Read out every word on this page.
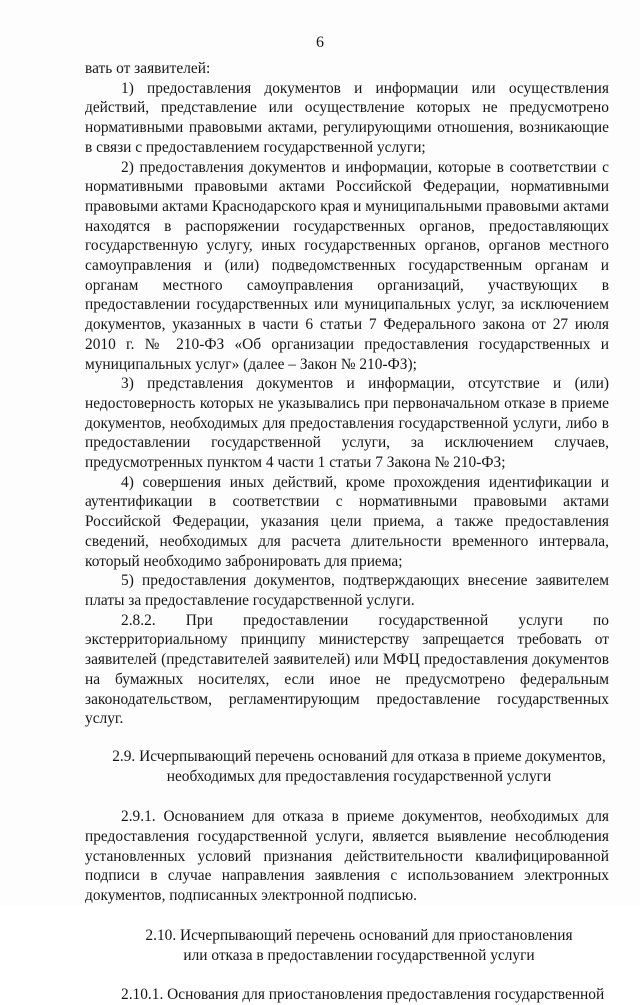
6

вать от заявителей:

1) предоставления документов и информации или осуществления действий, представление или осуществление которых не предусмотрено нормативными правовыми актами, регулирующими отношения, возникающие в связи с предоставлением государственной услуги;

2) предоставления документов и информации, которые в соответствии с нормативными правовыми актами Российской Федерации, нормативными правовыми актами Краснодарского края и муниципальными правовыми актами находятся в распоряжении государственных органов, предоставляющих государственную услугу, иных государственных органов, органов местного самоуправления и (или) подведомственных государственным органам и органам местного самоуправления организаций, участвующих в предоставлении государственных или муниципальных услуг, за исключением документов, указанных в части 6 статьи 7 Федерального закона от 27 июля 2010 г. № 210-ФЗ «Об организации предоставления государственных и муниципальных услуг» (далее – Закон № 210-ФЗ);

3) представления документов и информации, отсутствие и (или) недостоверность которых не указывались при первоначальном отказе в приеме документов, необходимых для предоставления государственной услуги, либо в предоставлении государственной услуги, за исключением случаев, предусмотренных пунктом 4 части 1 статьи 7 Закона № 210-ФЗ;

4) совершения иных действий, кроме прохождения идентификации и аутентификации в соответствии с нормативными правовыми актами Российской Федерации, указания цели приема, а также предоставления сведений, необходимых для расчета длительности временного интервала, который необходимо забронировать для приема;

5) предоставления документов, подтверждающих внесение заявителем платы за предоставление государственной услуги.

2.8.2. При предоставлении государственной услуги по экстерриториальному принципу министерству запрещается требовать от заявителей (представителей заявителей) или МФЦ предоставления документов на бумажных носителях, если иное не предусмотрено федеральным законодательством, регламентирующим предоставление государственных услуг.

2.9. Исчерпывающий перечень оснований для отказа в приеме документов,

необходимых для предоставления государственной услуги

2.9.1. Основанием для отказа в приеме документов, необходимых для предоставления государственной услуги, является выявление несоблюдения установленных условий признания действительности квалифицированной подписи в случае направления заявления с использованием электронных документов, подписанных электронной подписью.

2.10. Исчерпывающий перечень оснований для приостановления

или отказа в предоставлении государственной услуги

2.10.1. Основания для приостановления предоставления государственной
